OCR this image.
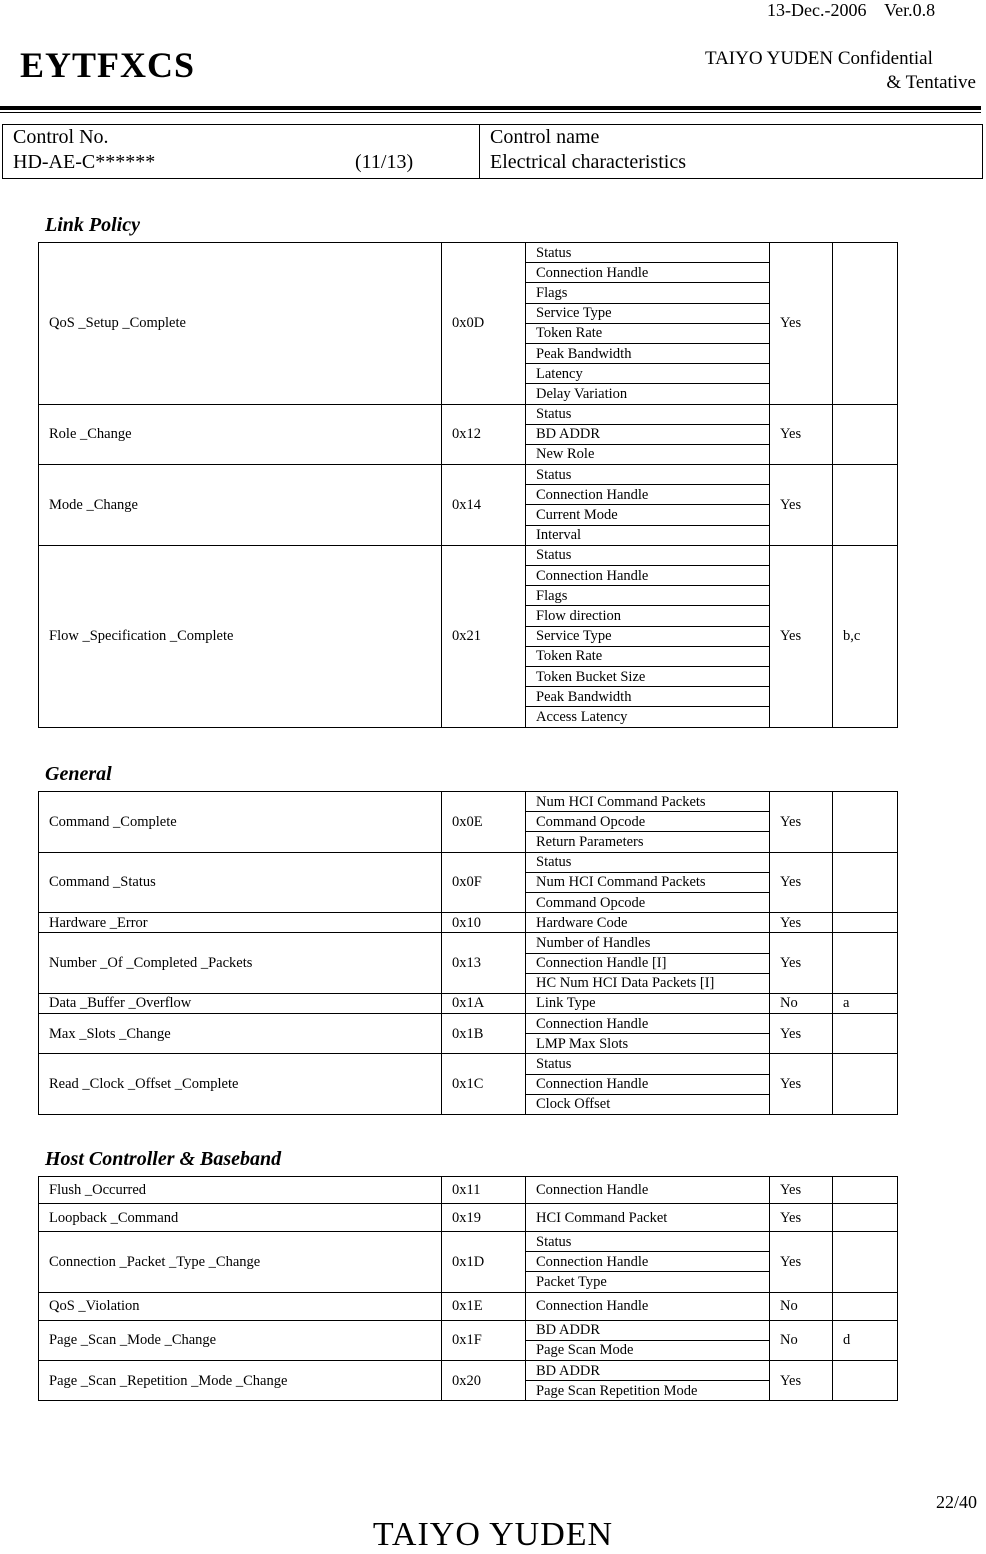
13-Dec.-2006    Ver.0.8
EYTFXCS	TAIYO YUDEN Confidential
& Tentative
Control No.
HD-AE-C******	(11/13)
Control name
Electrical characteristics
Link Policy
QoS _Setup _Complete	0x0D	Status	Yes	
		Connection Handle		
		Flags		
		Service Type		
		Token Rate		
		Peak Bandwidth		
		Latency		
		Delay Variation		
Role _Change	0x12	Status	Yes	
		BD ADDR		
		New Role		
Mode _Change	0x14	Status	Yes	
		Connection Handle		
		Current Mode		
		Interval		
Flow _Specification _Complete	0x21	Status	Yes	b,c
		Connection Handle		
		Flags		
		Flow direction		
		Service Type		
		Token Rate		
		Token Bucket Size		
		Peak Bandwidth		
		Access Latency		
General
Command _Complete	0x0E	Num HCI Command Packets	Yes	
		Command Opcode		
		Return Parameters		
Command _Status	0x0F	Status	Yes	
		Num HCI Command Packets		
		Command Opcode		
Hardware _Error	0x10	Hardware Code	Yes	
Number _Of _Completed _Packets	0x13	Number of Handles	Yes	
		Connection Handle [I]		
		HC Num HCI Data Packets [I]		
Data _Buffer _Overflow	0x1A	Link Type	No	a
Max _Slots _Change	0x1B	Connection Handle	Yes	
		LMP Max Slots		
Read _Clock _Offset _Complete	0x1C	Status	Yes	
		Connection Handle		
		Clock Offset		
Host Controller & Baseband
Flush _Occurred	0x11	Connection Handle	Yes	
Loopback _Command	0x19	HCI Command Packet	Yes	
Connection _Packet _Type _Change	0x1D	Status	Yes	
		Connection Handle		
		Packet Type		
QoS _Violation	0x1E	Connection Handle	No	
Page _Scan _Mode _Change	0x1F	BD ADDR	No	d
		Page Scan Mode		
Page _Scan _Repetition _Mode _Change	0x20	BD ADDR	Yes	
		Page Scan Repetition Mode		
22/40
TAIYO YUDEN
